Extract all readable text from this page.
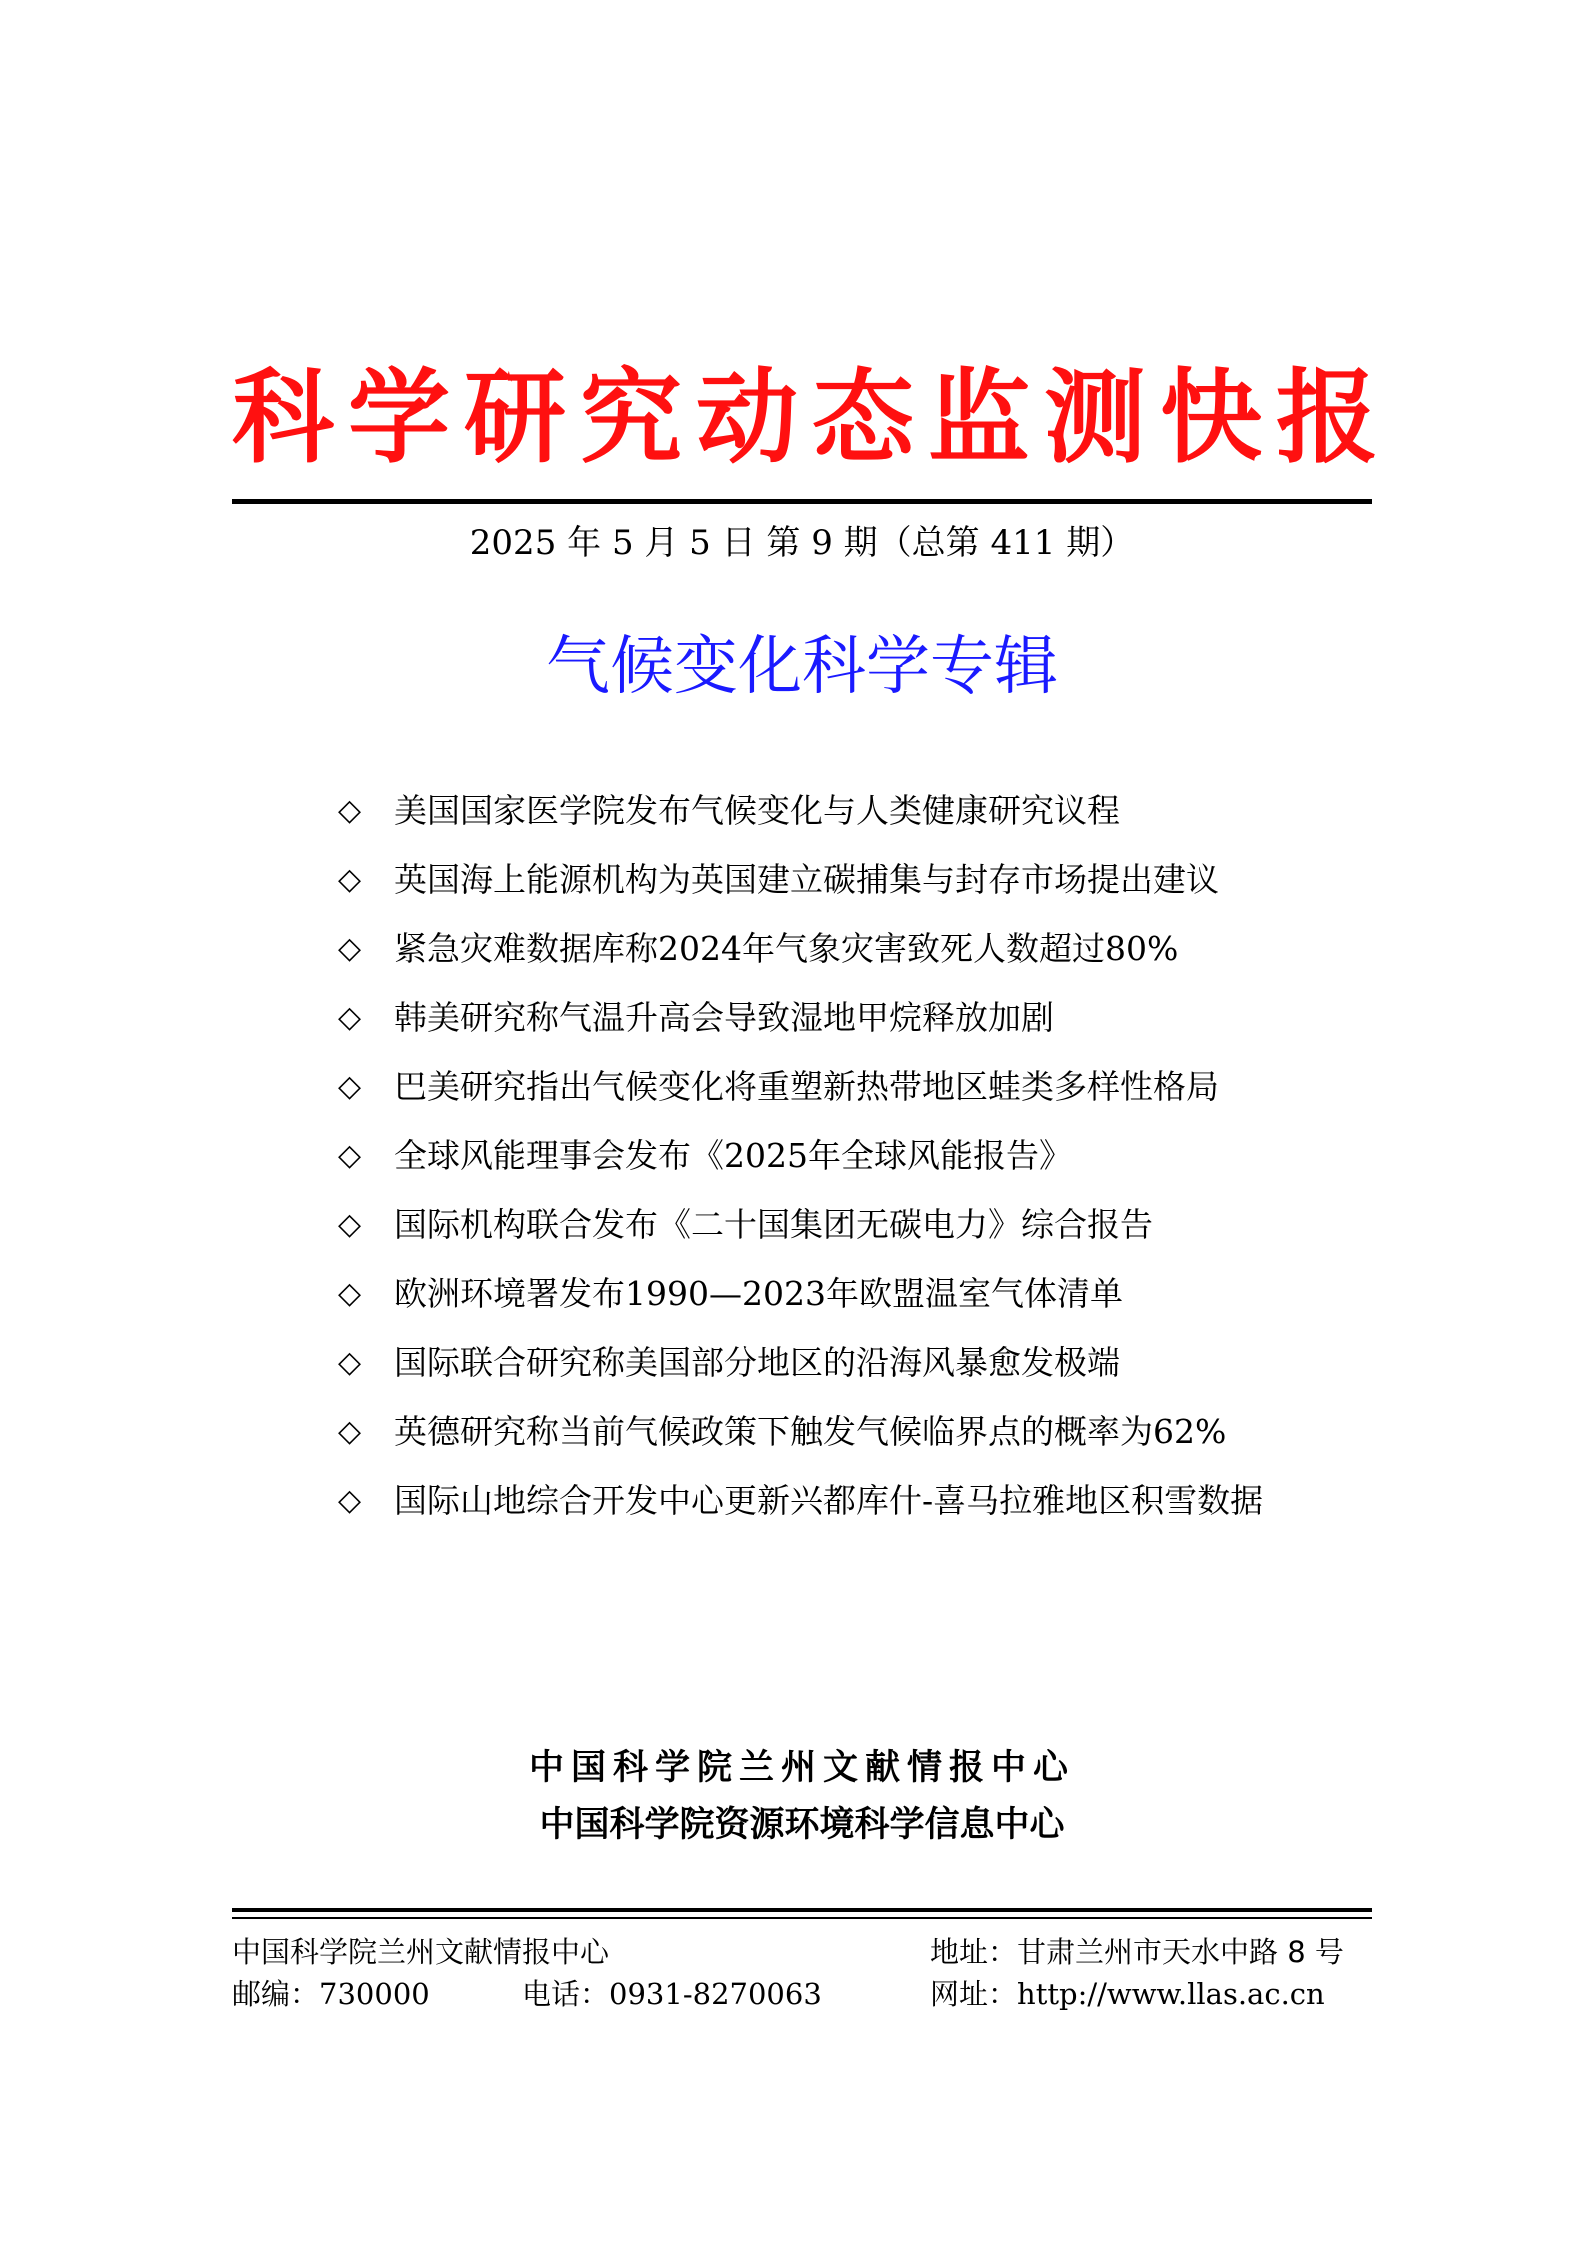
科学研究动态监测快报
2025 年 5 月 5 日 第 9 期（总第 411 期）
气候变化科学专辑
◇ 美国国家医学院发布气候变化与人类健康研究议程
◇ 英国海上能源机构为英国建立碳捕集与封存市场提出建议
◇ 紧急灾难数据库称2024年气象灾害致死人数超过80%
◇ 韩美研究称气温升高会导致湿地甲烷释放加剧
◇ 巴美研究指出气候变化将重塑新热带地区蛙类多样性格局
◇ 全球风能理事会发布《2025年全球风能报告》
◇ 国际机构联合发布《二十国集团无碳电力》综合报告
◇ 欧洲环境署发布1990—2023年欧盟温室气体清单
◇ 国际联合研究称美国部分地区的沿海风暴愈发极端
◇ 英德研究称当前气候政策下触发气候临界点的概率为62%
◇ 国际山地综合开发中心更新兴都库什-喜马拉雅地区积雪数据
中国科学院兰州文献情报中心
中国科学院资源环境科学信息中心
中国科学院兰州文献情报中心	地址：甘肃兰州市天水中路 8 号
邮编：730000	电话：0931-8270063	网址：http://www.llas.ac.cn
